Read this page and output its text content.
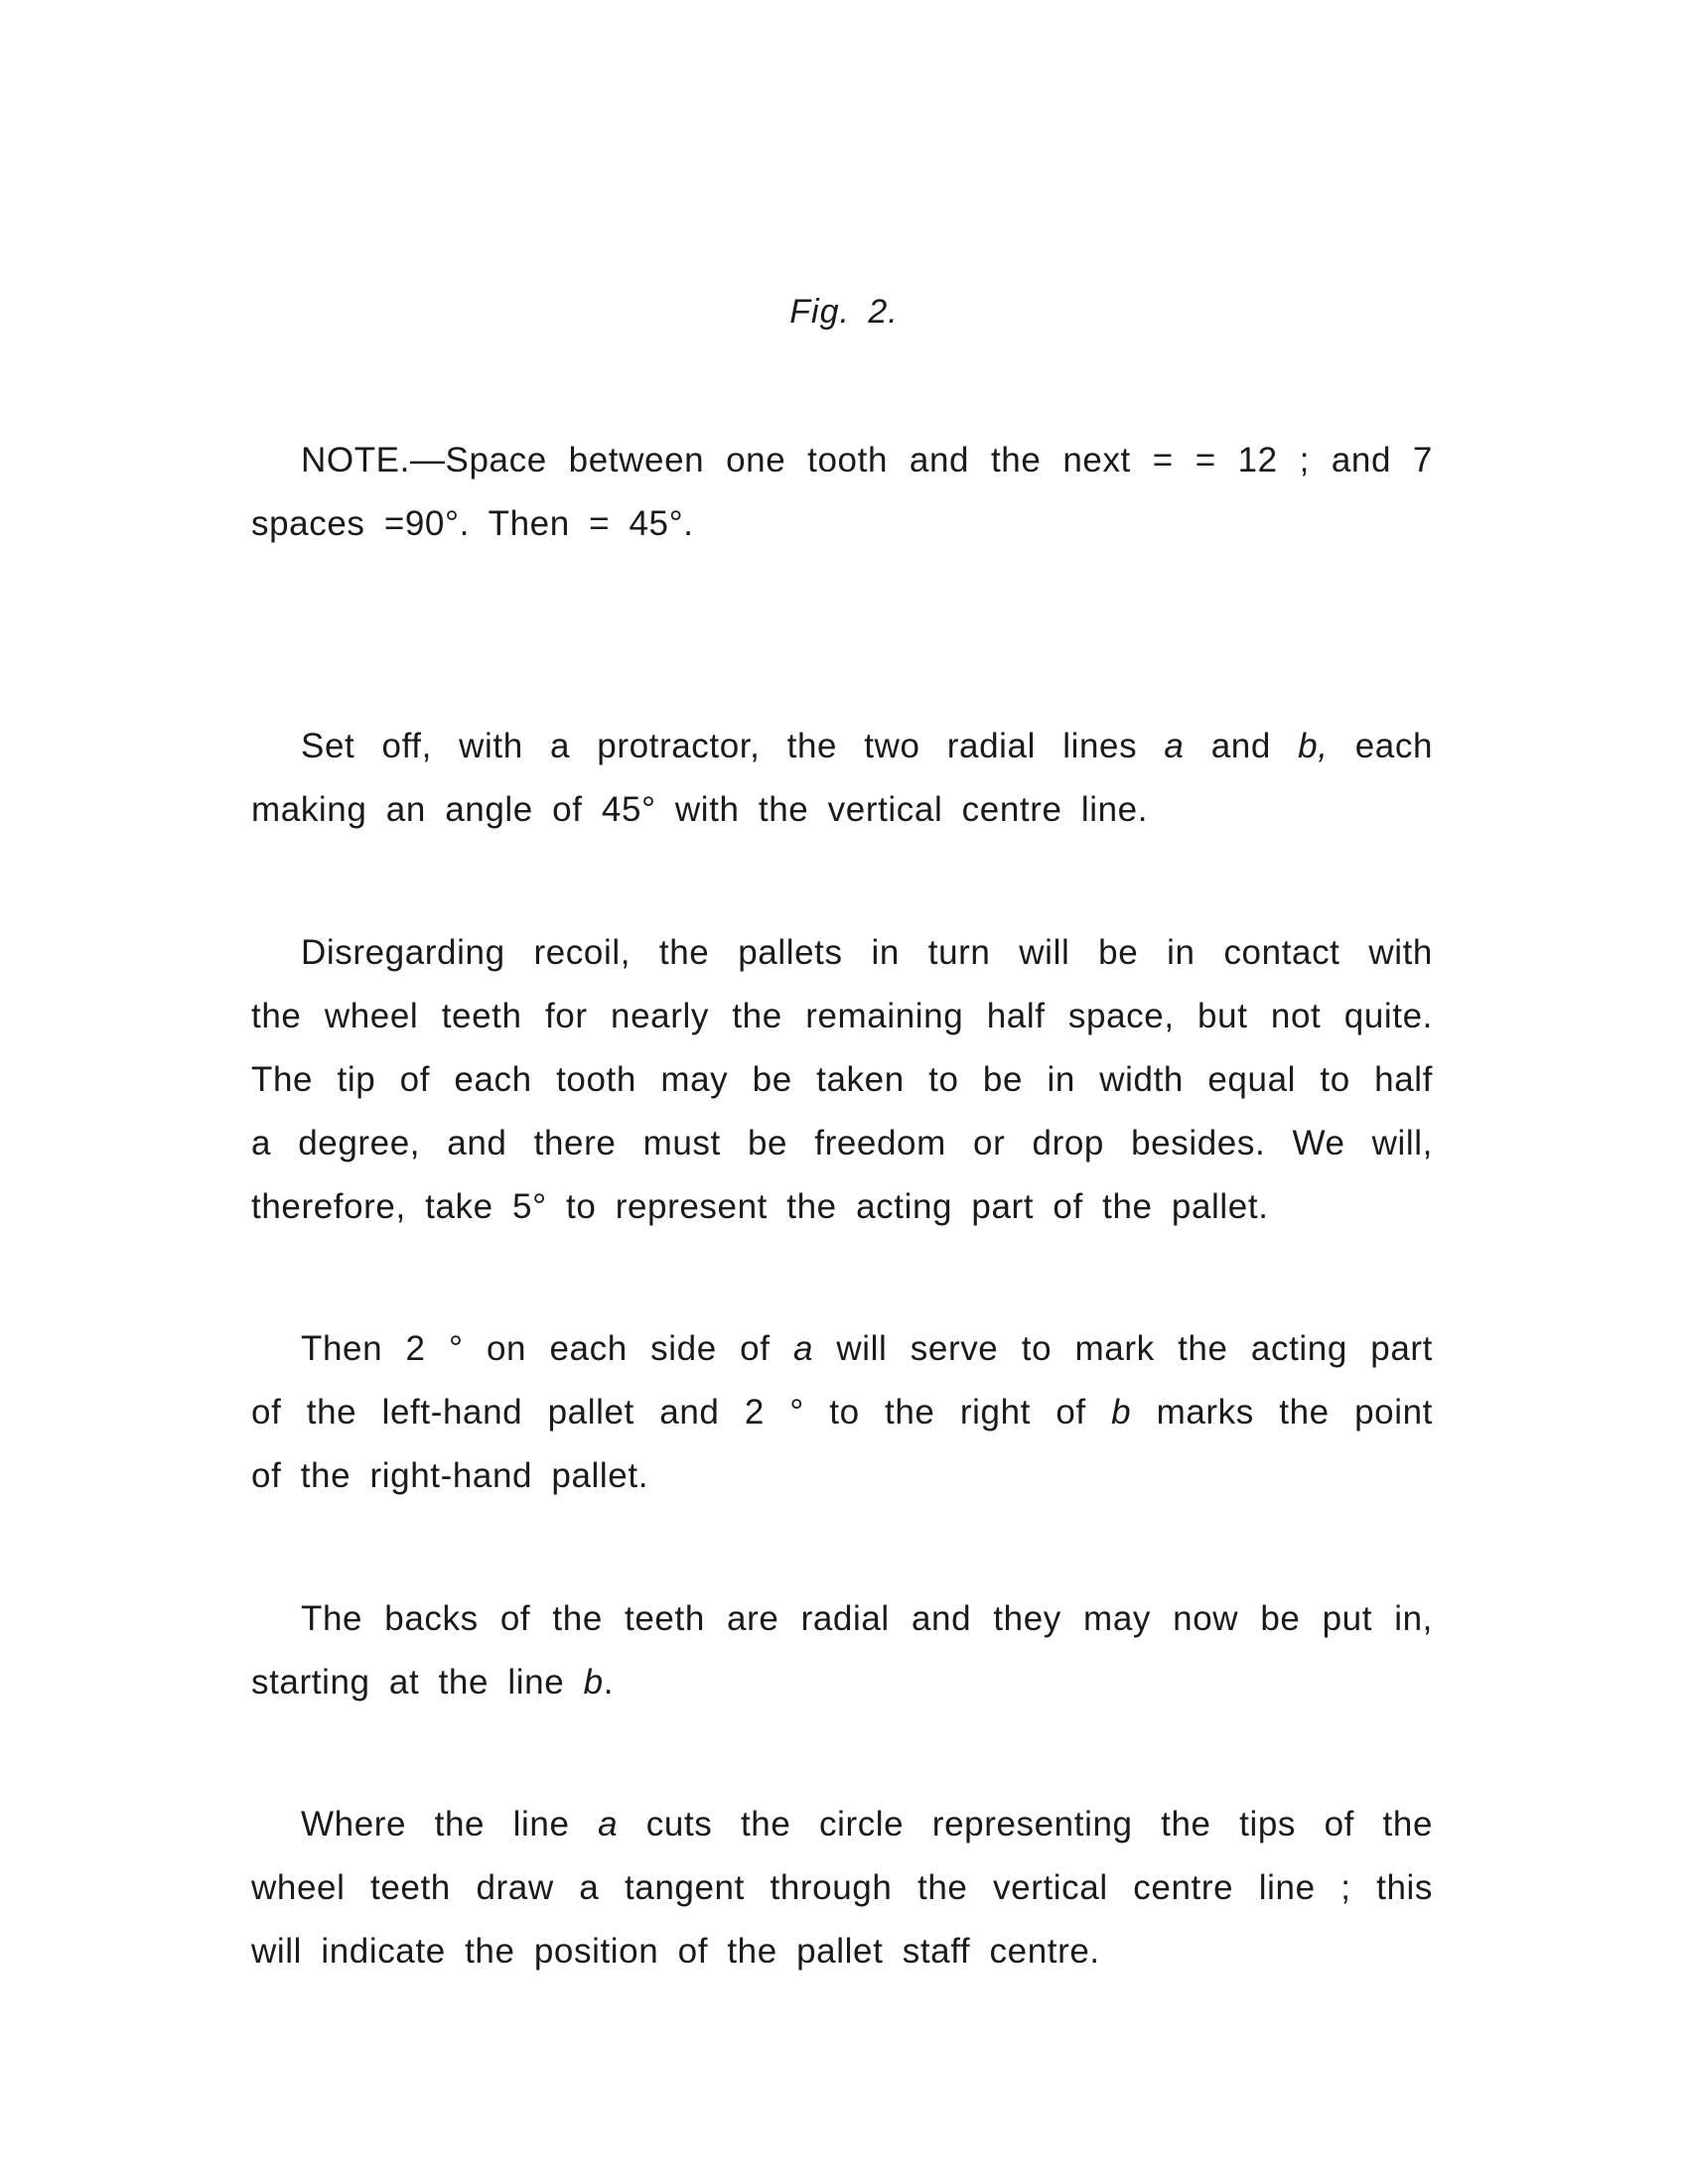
Fig. 2.

NOTE.—Space between one tooth and the next = = 12 ; and 7
spaces =90°. Then = 45°.

Set off, with a protractor, the two radial lines a and b, each
making an angle of 45° with the vertical centre line.

Disregarding recoil, the pallets in turn will be in contact with
the wheel teeth for nearly the remaining half space, but not quite.
The tip of each tooth may be taken to be in width equal to half
a degree, and there must be freedom or drop besides. We will,
therefore, take 5° to represent the acting part of the pallet.

Then 2 ° on each side of a will serve to mark the acting part
of the left-hand pallet and 2 ° to the right of b marks the point
of the right-hand pallet.

The backs of the teeth are radial and they may now be put in,
starting at the line b.

Where the line a cuts the circle representing the tips of the
wheel teeth draw a tangent through the vertical centre line ; this
will indicate the position of the pallet staff centre.
